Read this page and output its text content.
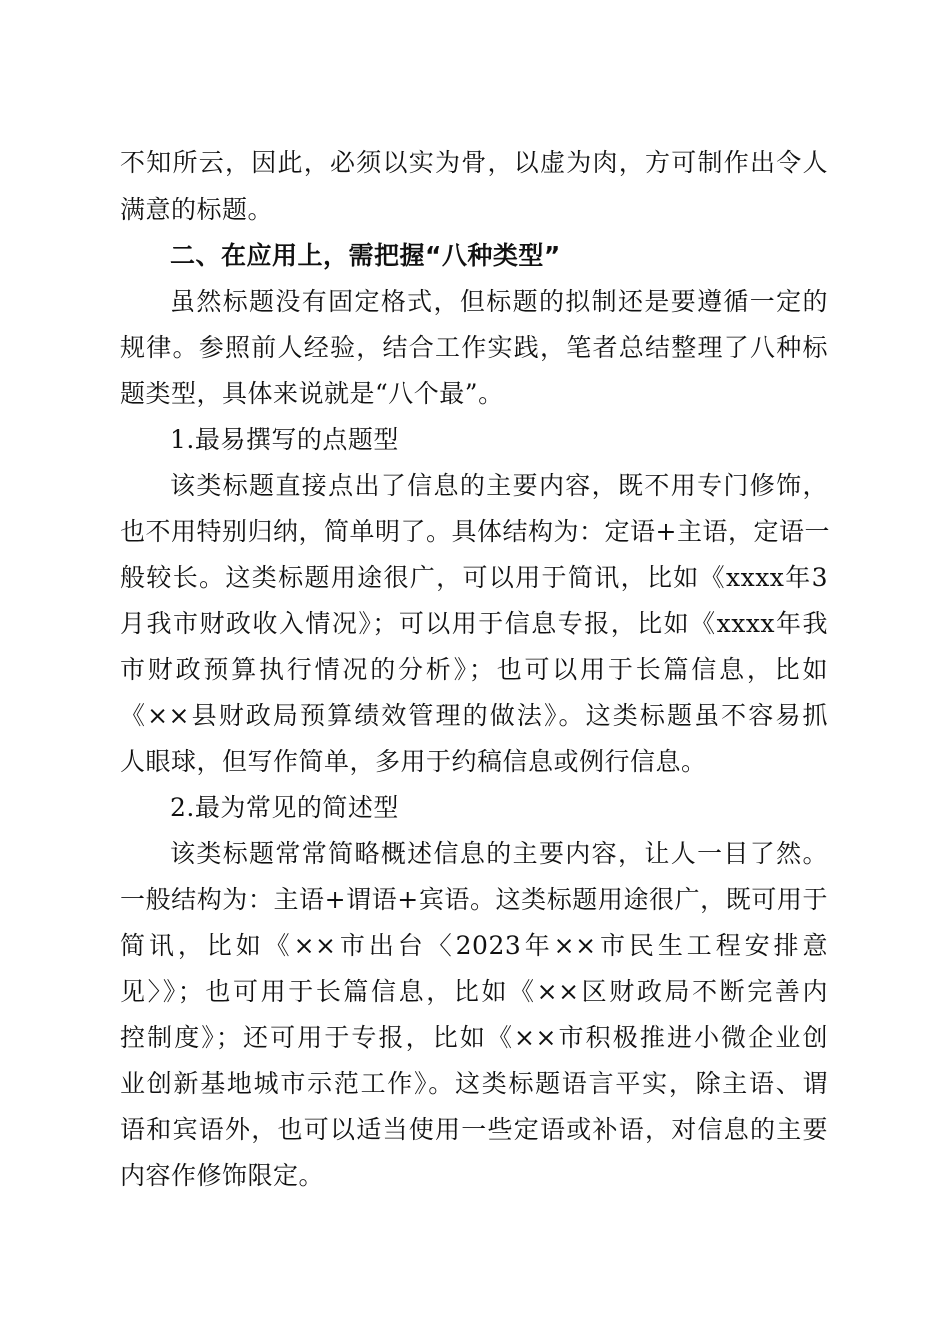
不知所云，因此，必须以实为骨，以虚为肉，方可制作出令人
满意的标题。
二、在应用上，需把握“八种类型”
虽然标题没有固定格式，但标题的拟制还是要遵循一定的
规律。参照前人经验，结合工作实践，笔者总结整理了八种标
题类型，具体来说就是“八个最”。
1.最易撰写的点题型
该类标题直接点出了信息的主要内容，既不用专门修饰，
也不用特别归纳，简单明了。具体结构为：定语+主语，定语一
般较长。这类标题用途很广，可以用于简讯，比如《xxxx年3
月我市财政收入情况》；可以用于信息专报，比如《xxxx年我
市财政预算执行情况的分析》；也可以用于长篇信息，比如
《××县财政局预算绩效管理的做法》。这类标题虽不容易抓
人眼球，但写作简单，多用于约稿信息或例行信息。
2.最为常见的简述型
该类标题常常简略概述信息的主要内容，让人一目了然。
一般结构为：主语+谓语+宾语。这类标题用途很广，既可用于
简讯，比如《××市出台〈2023年××市民生工程安排意
见〉》；也可用于长篇信息，比如《××区财政局不断完善内
控制度》；还可用于专报，比如《××市积极推进小微企业创
业创新基地城市示范工作》。这类标题语言平实，除主语、谓
语和宾语外，也可以适当使用一些定语或补语，对信息的主要
内容作修饰限定。
